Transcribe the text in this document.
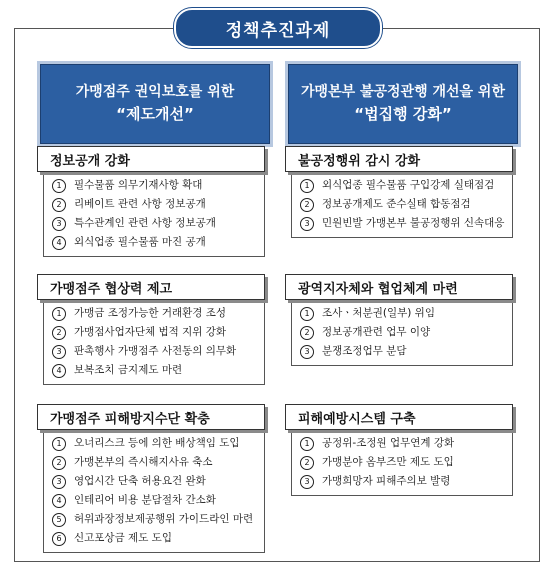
정책추진과제
가맹점주 권익보호를 위한
“제도개선”
가맹본부 불공정관행 개선을 위한
“법집행 강화”
정보공개 강화
1	필수물품 의무기재사항 확대
2	리베이트 관련 사항 정보공개
3	특수관계인 관련 사항 정보공개
4	외식업종 필수물품 마진 공개
가맹점주 협상력 제고
1	가맹금 조정가능한 거래환경 조성
2	가맹점사업자단체 법적 지위 강화
3	판촉행사 가맹점주 사전동의 의무화
4	보복조치 금지제도 마련
가맹점주 피해방지수단 확충
1	오너리스크 등에 의한 배상책임 도입
2	가맹본부의 즉시해지사유 축소
3	영업시간 단축 허용요건 완화
4	인테리어 비용 분담절차 간소화
5	허위과장정보제공행위 가이드라인 마련
6	신고포상금 제도 도입
불공정행위 감시 강화
1	외식업종 필수물품 구입강제 실태점검
2	정보공개제도 준수실태 합동점검
3	민원빈발 가맹본부 불공정행위 신속대응
광역지자체와 협업체계 마련
1	조사ㆍ처분권(일부) 위임
2	정보공개관련 업무 이양
3	분쟁조정업무 분담
피해예방시스템 구축
1	공정위-조정원 업무연계 강화
2	가맹분야 옴부즈만 제도 도입
3	가맹희망자 피해주의보 발령
